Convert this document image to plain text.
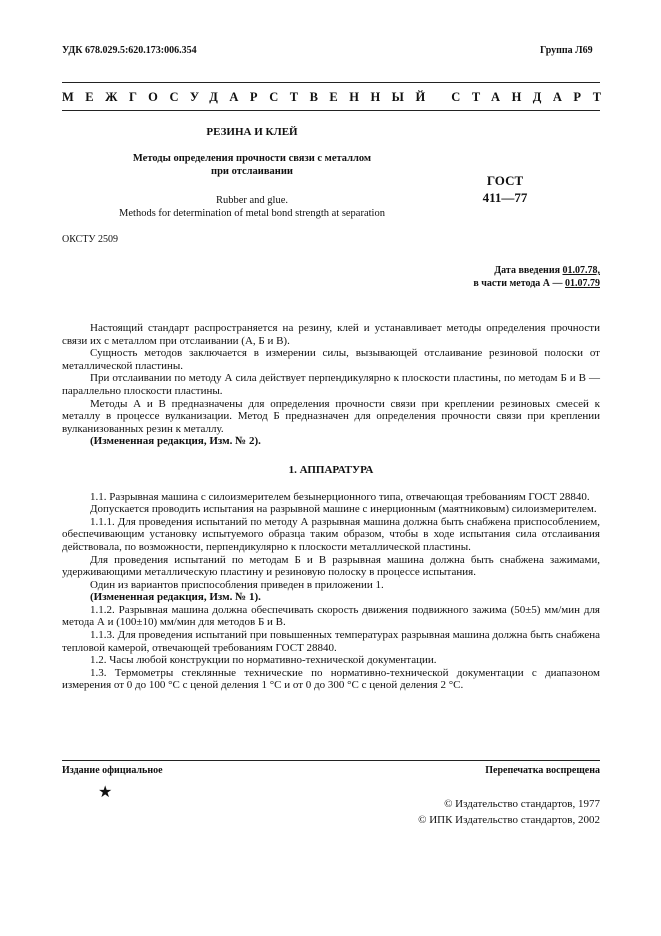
УДК 678.029.5:620.173:006.354	Группа Л69
МЕЖГОСУДАРСТВЕННЫЙ СТАНДАРТ
РЕЗИНА И КЛЕЙ
Методы определения прочности связи с металлом
при отслаивании
Rubber and glue.
Methods for determination of metal bond strength at separation
ГОСТ
411—77
ОКСТУ 2509
Дата введения 01.07.78,
в части метода А — 01.07.79

Настоящий стандарт распространяется на резину, клей и устанавливает методы определения прочности связи их с металлом при отслаивании (А, Б и В).

Сущность методов заключается в измерении силы, вызывающей отслаивание резиновой полоски от металлической пластины.

При отслаивании по методу А сила действует перпендикулярно к плоскости пластины, по методам Б и В — параллельно плоскости пластины.

Методы А и В предназначены для определения прочности связи при креплении резиновых смесей к металлу в процессе вулканизации. Метод Б предназначен для определения прочности связи при креплении вулканизованных резин к металлу.

(Измененная редакция, Изм. № 2).

1. АППАРАТУРА

1.1. Разрывная машина с силоизмерителем безынерционного типа, отвечающая требованиям ГОСТ 28840.

Допускается проводить испытания на разрывной машине с инерционным (маятниковым) силоизмерителем.

1.1.1. Для проведения испытаний по методу А разрывная машина должна быть снабжена приспособлением, обеспечивающим установку испытуемого образца таким образом, чтобы в ходе испытания сила отслаивания действовала, по возможности, перпендикулярно к плоскости металлической пластины.

Для проведения испытаний по методам Б и В разрывная машина должна быть снабжена зажимами, удерживающими металлическую пластину и резиновую полоску в процессе испытания.

Один из вариантов приспособления приведен в приложении 1.

(Измененная редакция, Изм. № 1).

1.1.2. Разрывная машина должна обеспечивать скорость движения подвижного зажима (50±5) мм/мин для метода А и (100±10) мм/мин для методов Б и В.

1.1.3. Для проведения испытаний при повышенных температурах разрывная машина должна быть снабжена тепловой камерой, отвечающей требованиям ГОСТ 28840.

1.2. Часы любой конструкции по нормативно-технической документации.

1.3. Термометры стеклянные технические по нормативно-технической документации с диапазоном измерения от 0 до 100 °С с ценой деления 1 °С и от 0 до 300 °С с ценой деления 2 °С.

Издание официальное	Перепечатка воспрещена
★
© Издательство стандартов, 1977
© ИПК Издательство стандартов, 2002
